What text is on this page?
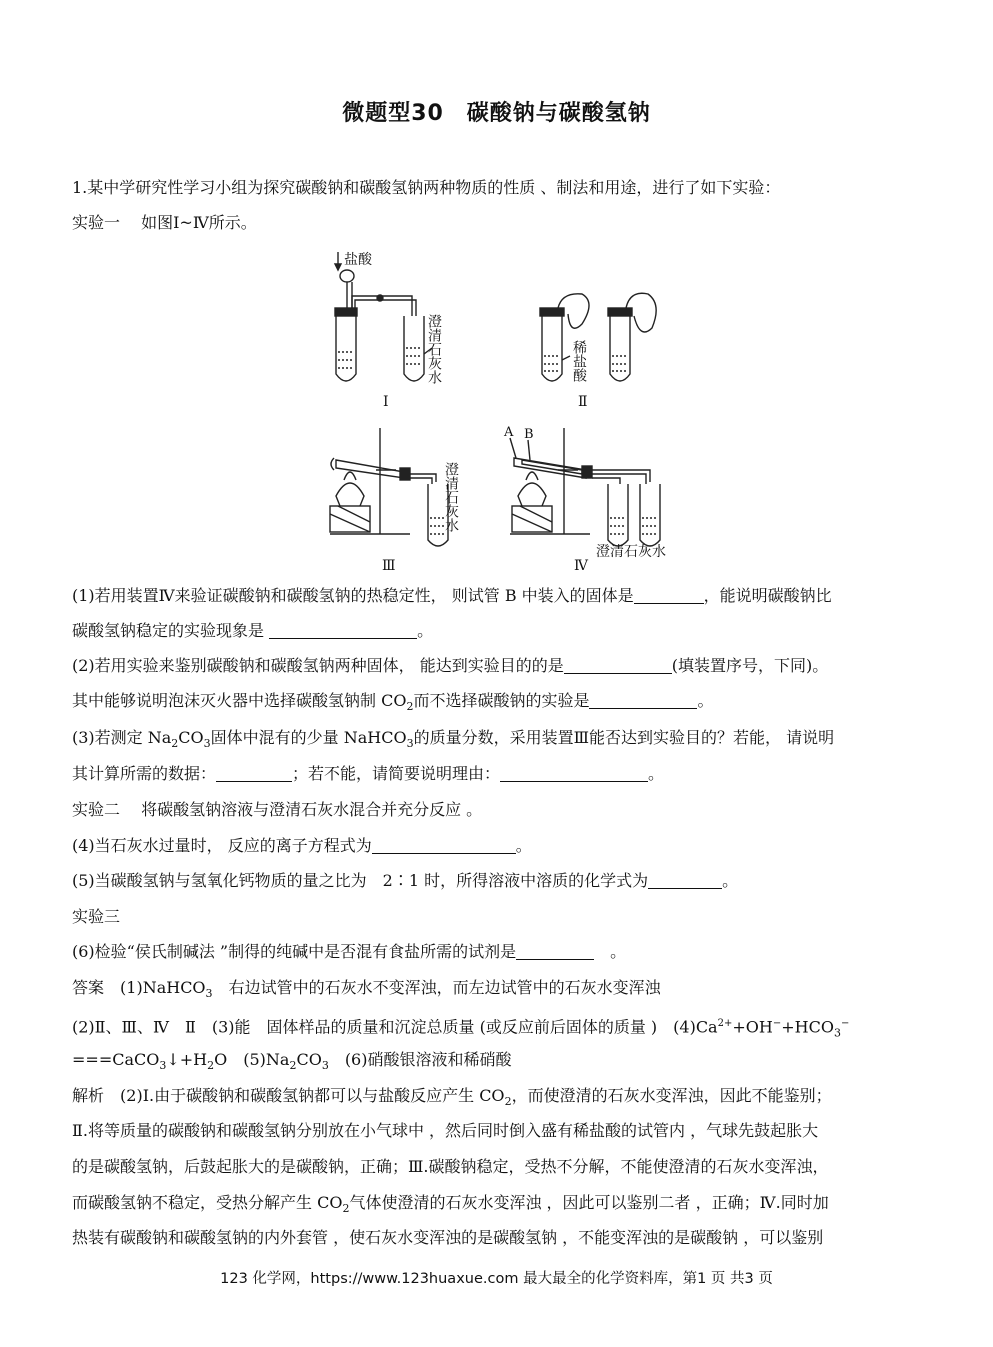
微题型30　碳酸钠与碳酸氢钠
1.某中学研究性学习小组为探究碳酸钠和碳酸氢钠两种物质的性质 、制法和用途，进行了如下实验：
实验一　 如图Ⅰ~Ⅳ所示。
盐酸
澄清石灰水	稀盐酸
澄清石灰水
澄清石灰水
Ⅰ	Ⅱ
Ⅲ	Ⅳ
A B
(1)若用装置Ⅳ来验证碳酸钠和碳酸氢钠的热稳定性， 则试管 B 中装入的固体是	，能说明碳酸钠比
碳酸氢钠稳定的实验现象是	。
(2)若用实验来鉴别碳酸钠和碳酸氢钠两种固体， 能达到实验目的的是	(填装置序号，下同)。
其中能够说明泡沫灭火器中选择碳酸氢钠制 $CO_2$而不选择碳酸钠的实验是	。
(3)若测定 $Na_2CO_3$固体中混有的少量 NaHCO$_3$的质量分数，采用装置Ⅲ能否达到实验目的？若能， 请说明
其计算所需的数据：	；若不能，请简要说明理由：	。
实验二　 将碳酸氢钠溶液与澄清石灰水混合并充分反应 。
(4)当石灰水过量时， 反应的离子方程式为	。
(5)当碳酸氢钠与氢氧化钙物质的量之比为　2∶1 时，所得溶液中溶质的化学式为	。
实验三
(6)检验“侯氏制碱法 ”制得的纯碱中是否混有食盐所需的试剂是	　。
答案　 (1)NaHCO$_3$　 右边试管中的石灰水不变浑浊，而左边试管中的石灰水变浑浊
(2)Ⅱ、Ⅲ、Ⅳ　Ⅱ　(3)能　固体样品的质量和沉淀总质量 (或反应前后固体的质量 )　$(4)Ca^{2+}+OH^-+HCO_3^-$
$===CaCO_3↓+H_2O$　$(5)Na_2CO_3$　(6)硝酸银溶液和稀硝酸
解析　 (2)Ⅰ.由于碳酸钠和碳酸氢钠都可以与盐酸反应产生 $CO_2$，而使澄清的石灰水变浑浊，因此不能鉴别；
Ⅱ.将等质量的碳酸钠和碳酸氢钠分别放在小气球中 ，然后同时倒入盛有稀盐酸的试管内 ，气球先鼓起胀大
的是碳酸氢钠，后鼓起胀大的是碳酸钠，正确；Ⅲ.碳酸钠稳定，受热不分解，不能使澄清的石灰水变浑浊，
而碳酸氢钠不稳定，受热分解产生 $CO_2$气体使澄清的石灰水变浑浊 ，因此可以鉴别二者 ，正确；Ⅳ.同时加
热装有碳酸钠和碳酸氢钠的内外套管 ，使石灰水变浑浊的是碳酸氢钠 ，不能变浑浊的是碳酸钠 ，可以鉴别
123 化学网，https://www.123huaxue.com 最大最全的化学资料库，第1 页 共3 页
